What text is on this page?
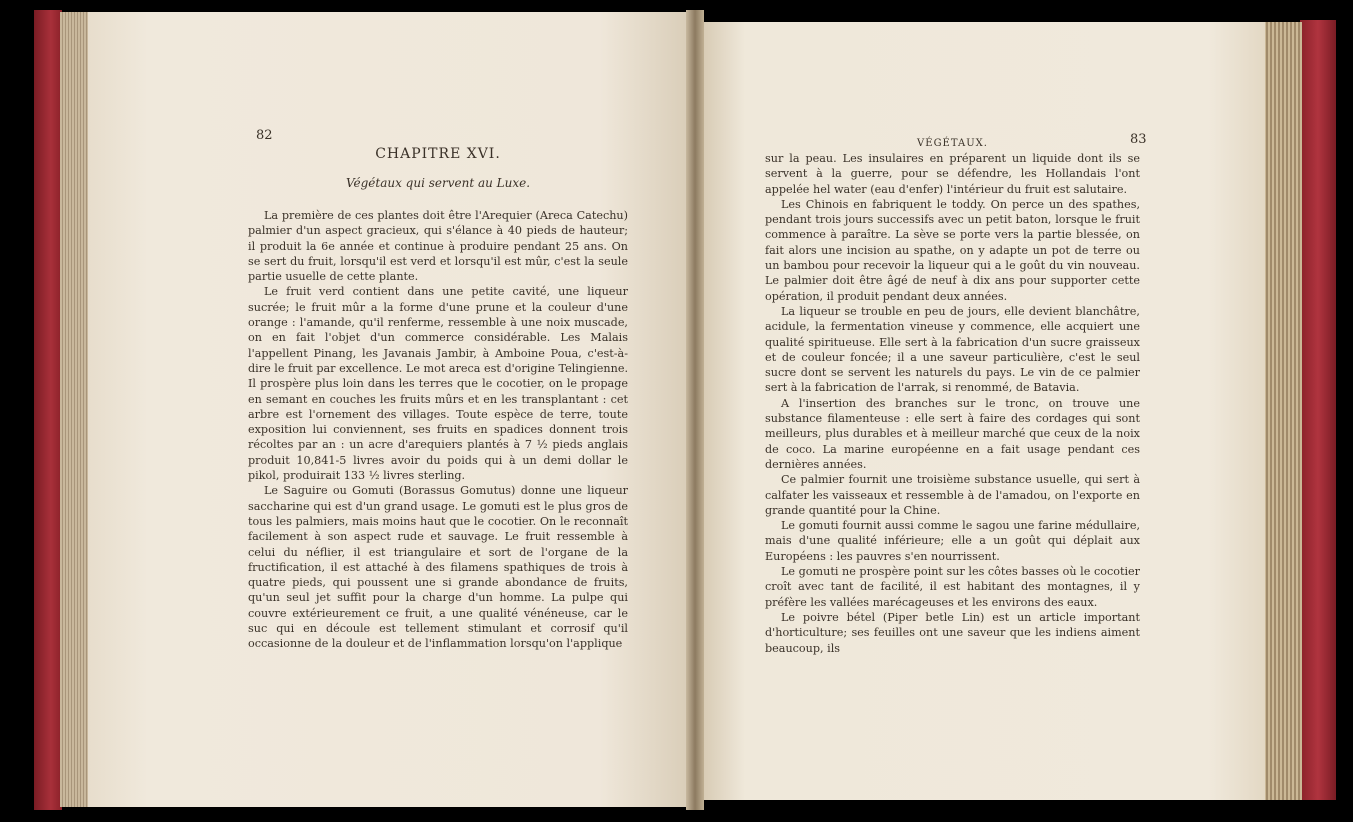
82
CHAPITRE XVI.
Végétaux qui servent au Luxe.

La première de ces plantes doit être l'Arequier (Areca Catechu) palmier d'un aspect gracieux, qui s'élance à 40 pieds de hauteur; il produit la 6e année et continue à produire pendant 25 ans. On se sert du fruit, lorsqu'il est verd et lorsqu'il est mûr, c'est la seule partie usuelle de cette plante.

Le fruit verd contient dans une petite cavité, une liqueur sucrée; le fruit mûr a la forme d'une prune et la couleur d'une orange : l'amande, qu'il renferme, ressemble à une noix muscade, on en fait l'objet d'un commerce considérable. Les Malais l'appellent Pinang, les Javanais Jambir, à Amboine Poua, c'est-à-dire le fruit par excellence. Le mot areca est d'origine Telingienne. Il prospère plus loin dans les terres que le cocotier, on le propage en semant en couches les fruits mûrs et en les transplantant : cet arbre est l'ornement des villages. Toute espèce de terre, toute exposition lui conviennent, ses fruits en spadices donnent trois récoltes par an : un acre d'arequiers plantés à 7 ½ pieds anglais produit 10,841-5 livres avoir du poids qui à un demi dollar le pikol, produirait 133 ½ livres sterling.

Le Saguire ou Gomuti (Borassus Gomutus) donne une liqueur saccharine qui est d'un grand usage. Le gomuti est le plus gros de tous les palmiers, mais moins haut que le cocotier. On le reconnaît facilement à son aspect rude et sauvage. Le fruit ressemble à celui du néflier, il est triangulaire et sort de l'organe de la fructification, il est attaché à des filamens spathiques de trois à quatre pieds, qui poussent une si grande abondance de fruits, qu'un seul jet suffit pour la charge d'un homme. La pulpe qui couvre extérieurement ce fruit, a une qualité vénéneuse, car le suc qui en découle est tellement stimulant et corrosif qu'il occasionne de la douleur et de l'inflammation lorsqu'on l'applique

83
VÉGÉTAUX.

sur la peau. Les insulaires en préparent un liquide dont ils se servent à la guerre, pour se défendre, les Hollandais l'ont appelée hel water (eau d'enfer) l'intérieur du fruit est salutaire.

Les Chinois en fabriquent le toddy. On perce un des spathes, pendant trois jours successifs avec un petit baton, lorsque le fruit commence à paraître. La sève se porte vers la partie blessée, on fait alors une incision au spathe, on y adapte un pot de terre ou un bambou pour recevoir la liqueur qui a le goût du vin nouveau. Le palmier doit être âgé de neuf à dix ans pour supporter cette opération, il produit pendant deux années.

La liqueur se trouble en peu de jours, elle devient blanchâtre, acidule, la fermentation vineuse y commence, elle acquiert une qualité spiritueuse. Elle sert à la fabrication d'un sucre graisseux et de couleur foncée; il a une saveur particulière, c'est le seul sucre dont se servent les naturels du pays. Le vin de ce palmier sert à la fabrication de l'arrak, si renommé, de Batavia.

A l'insertion des branches sur le tronc, on trouve une substance filamenteuse : elle sert à faire des cordages qui sont meilleurs, plus durables et à meilleur marché que ceux de la noix de coco. La marine européenne en a fait usage pendant ces dernières années.

Ce palmier fournit une troisième substance usuelle, qui sert à calfater les vaisseaux et ressemble à de l'amadou, on l'exporte en grande quantité pour la Chine.

Le gomuti fournit aussi comme le sagou une farine médullaire, mais d'une qualité inférieure; elle a un goût qui déplait aux Européens : les pauvres s'en nourrissent.

Le gomuti ne prospère point sur les côtes basses où le cocotier croît avec tant de facilité, il est habitant des montagnes, il y préfère les vallées marécageuses et les environs des eaux.

Le poivre bétel (Piper betle Lin) est un article important d'horticulture; ses feuilles ont une saveur que les indiens aiment beaucoup, ils
